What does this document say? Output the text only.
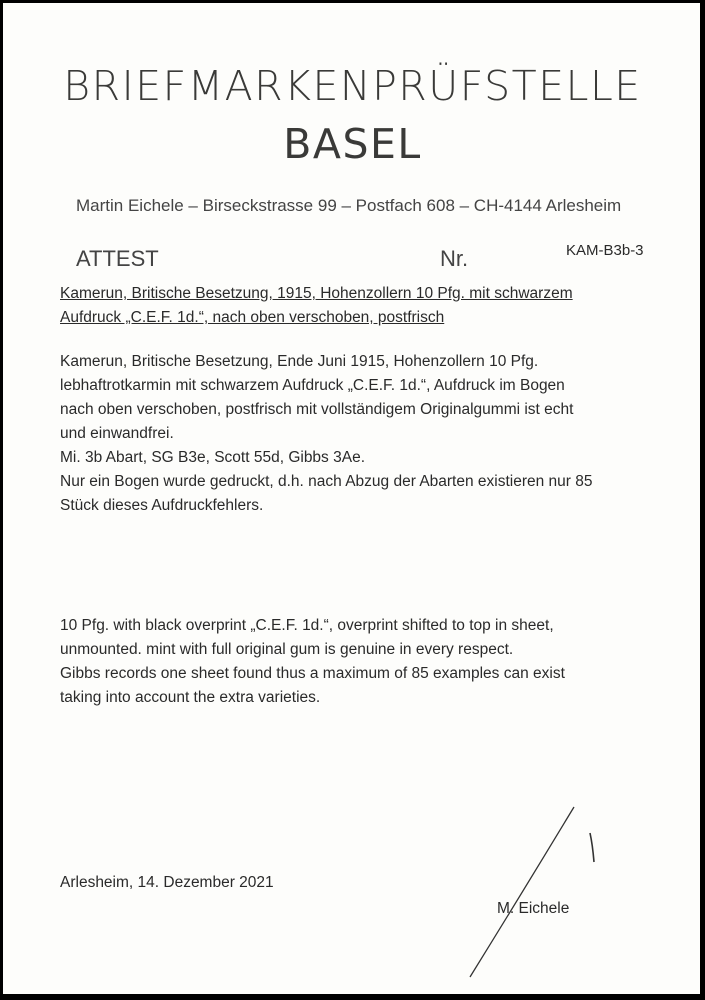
BRIEFMARKENPRÜFSTELLE
BASEL
Martin Eichele – Birseckstrasse 99 – Postfach 608 – CH-4144 Arlesheim
ATTEST	Nr.	KAM-B3b-3
Kamerun, Britische Besetzung, 1915, Hohenzollern 10 Pfg. mit schwarzem
Aufdruck „C.E.F. 1d.“, nach oben verschoben, postfrisch
Kamerun, Britische Besetzung, Ende Juni 1915, Hohenzollern 10 Pfg.
lebhaftrotkarmin mit schwarzem Aufdruck „C.E.F. 1d.“, Aufdruck im Bogen
nach oben verschoben, postfrisch mit vollständigem Originalgummi ist echt
und einwandfrei.
Mi. 3b Abart, SG B3e, Scott 55d, Gibbs 3Ae.
Nur ein Bogen wurde gedruckt, d.h. nach Abzug der Abarten existieren nur 85
Stück dieses Aufdruckfehlers.
10 Pfg. with black overprint „C.E.F. 1d.“, overprint shifted to top in sheet,
unmounted. mint with full original gum is genuine in every respect.
Gibbs records one sheet found thus a maximum of 85 examples can exist
taking into account the extra varieties.
Arlesheim, 14. Dezember 2021
M. Eichele
